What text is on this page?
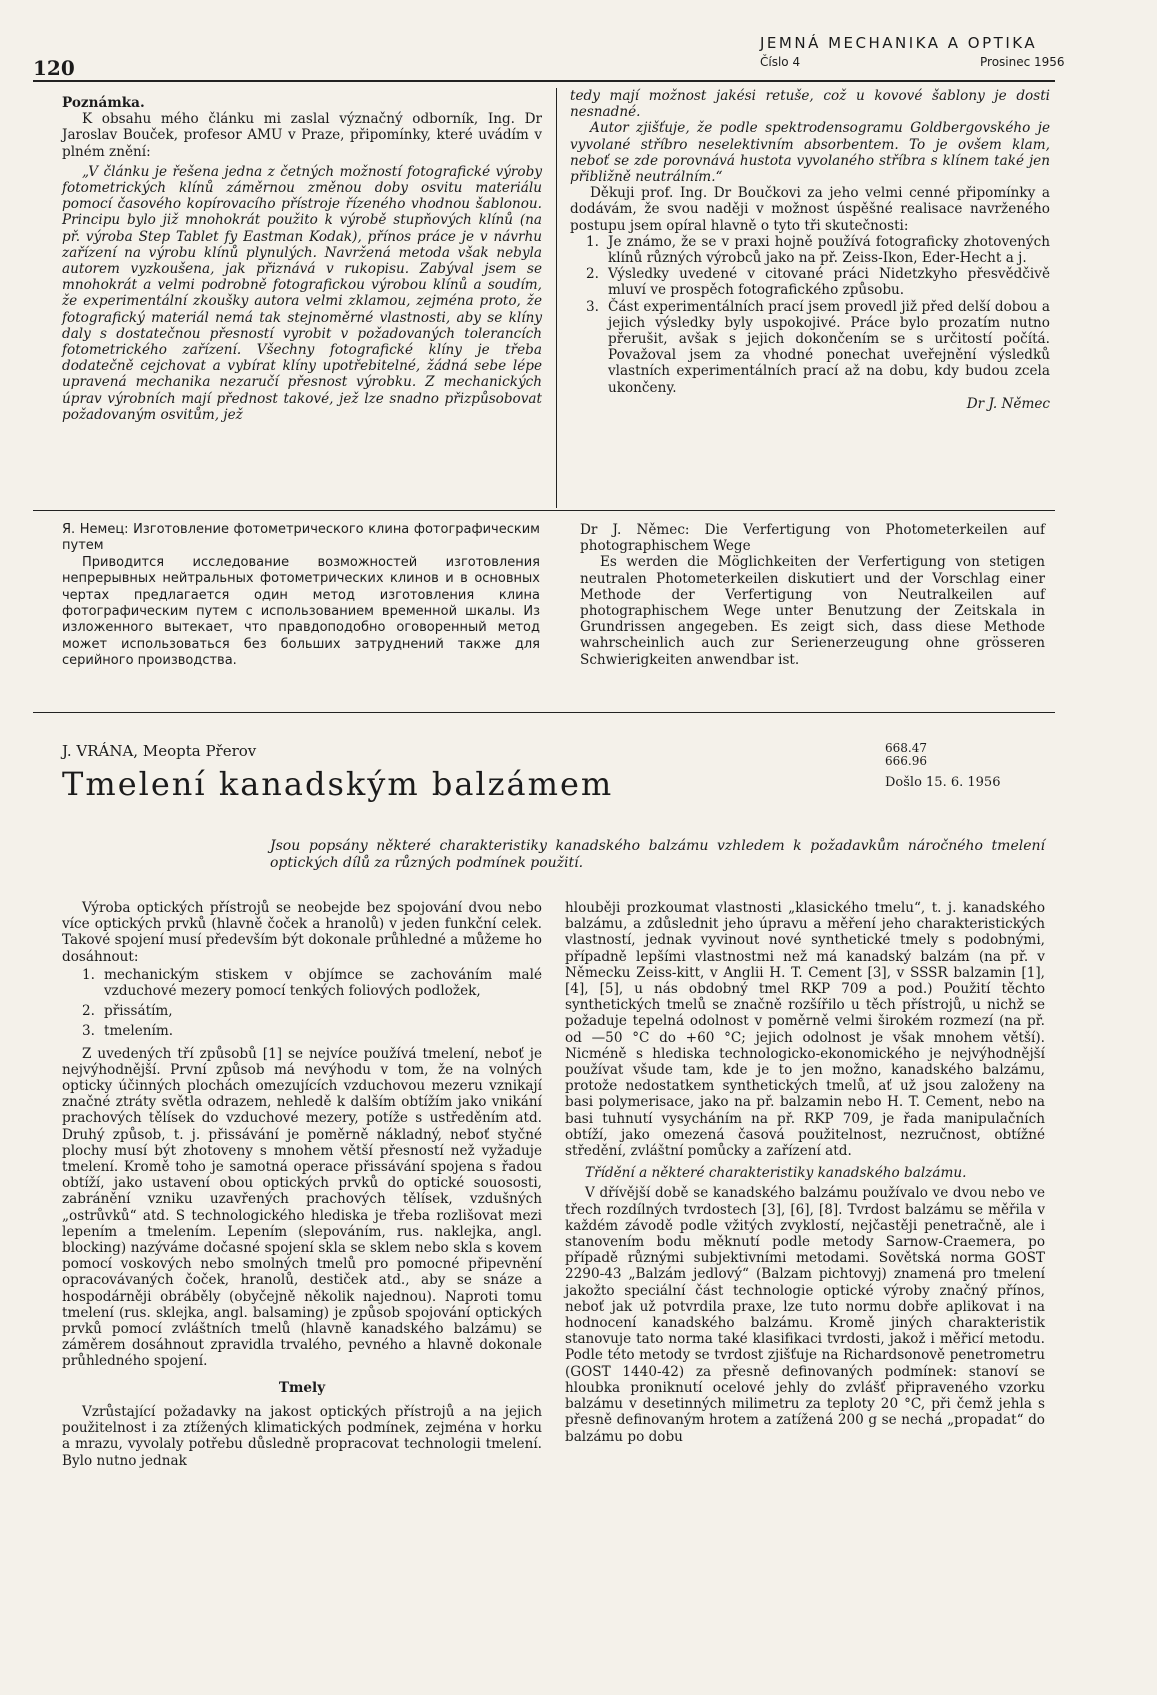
120
JEMNÁ MECHANIKA A OPTIKA
Číslo 4	Prosinec 1956

Poznámka.

K obsahu mého článku mi zaslal význačný odborník, Ing. Dr Jaroslav Bouček, profesor AMU v Praze, připomínky, které uvádím v plném znění:

„V článku je řešena jedna z četných možností fotografické výroby fotometrických klínů záměrnou změnou doby osvitu materiálu pomocí časového kopírovacího přístroje řízeného vhodnou šablonou. Principu bylo již mnohokrát použito k výrobě stupňových klínů (na př. výroba Step Tablet fy Eastman Kodak), přínos práce je v návrhu zařízení na výrobu klínů plynulých. Navržená metoda však nebyla autorem vyzkoušena, jak přiznává v rukopisu. Zabýval jsem se mnohokrát a velmi podrobně fotografickou výrobou klínů a soudím, že experimentální zkoušky autora velmi zklamou, zejména proto, že fotografický materiál nemá tak stejnoměrné vlastnosti, aby se klíny daly s dostatečnou přesností vyrobit v požadovaných tolerancích fotometrického zařízení. Všechny fotografické klíny je třeba dodatečně cejchovat a vybírat klíny upotřebitelné, žádná sebe lépe upravená mechanika nezaručí přesnost výrobku. Z mechanických úprav výrobních mají přednost takové, jež lze snadno přizpůsobovat požadovaným osvitům, jež

tedy mají možnost jakési retuše, což u kovové šablony je dosti nesnadné.

Autor zjišťuje, že podle spektrodensogramu Goldbergovského je vyvolané stříbro neselektivním absorbentem. To je ovšem klam, neboť se zde porovnává hustota vyvolaného stříbra s klínem také jen přibližně neutrálním.“

Děkuji prof. Ing. Dr Boučkovi za jeho velmi cenné připomínky a dodávám, že svou naději v možnost úspěšné realisace navrženého postupu jsem opíral hlavně o tyto tři skutečnosti:

1. Je známo, že se v praxi hojně používá fotograficky zhotovených klínů různých výrobců jako na př. Zeiss-Ikon, Eder-Hecht a j.
2. Výsledky uvedené v citované práci Nidetzkyho přesvědčivě mluví ve prospěch fotografického způsobu.
3. Část experimentálních prací jsem provedl již před delší dobou a jejich výsledky byly uspokojivé. Práce bylo prozatím nutno přerušit, avšak s jejich dokončením se s určitostí počítá. Považoval jsem za vhodné ponechat uveřejnění výsledků vlastních experimentálních prací až na dobu, kdy budou zcela ukončeny.

Dr J. Němec

Я. Немец: Изготовление фотометрического клина фотографическим путем

Приводится исследование возможностей изготовления непрерывных нейтральных фотометрических клинов и в основных чертах предлагается один метод изготовления клина фотографическим путем с использованием временной шкалы. Из изложенного вытекает, что правдоподобно оговоренный метод может использоваться без больших затруднений также для серийного производства.

Dr J. Němec: Die Verfertigung von Photometerkeilen auf photographischem Wege

Es werden die Möglichkeiten der Verfertigung von stetigen neutralen Photometerkeilen diskutiert und der Vorschlag einer Methode der Verfertigung von Neutralkeilen auf photographischem Wege unter Benutzung der Zeitskala in Grundrissen angegeben. Es zeigt sich, dass diese Methode wahrscheinlich auch zur Serienerzeugung ohne grösseren Schwierigkeiten anwendbar ist.

J. VRÁNA, Meopta Přerov
Tmelení kanadským balzámem
668.47
666.96
Došlo 15. 6. 1956
Jsou popsány některé charakteristiky kanadského balzámu vzhledem k požadavkům náročného tmelení optických dílů za různých podmínek použití.

Výroba optických přístrojů se neobejde bez spojování dvou nebo více optických prvků (hlavně čoček a hranolů) v jeden funkční celek. Takové spojení musí především být dokonale průhledné a můžeme ho dosáhnout:

1. mechanickým stiskem v objímce se zachováním malé vzduchové mezery pomocí tenkých foliových podložek,
2. přissátím,
3. tmelením.

Z uvedených tří způsobů [1] se nejvíce používá tmelení, neboť je nejvýhodnější. První způsob má nevýhodu v tom, že na volných opticky účinných plochách omezujících vzduchovou mezeru vznikají značné ztráty světla odrazem, nehledě k dalším obtížím jako vnikání prachových tělísek do vzduchové mezery, potíže s ustředěním atd. Druhý způsob, t. j. přissávání je poměrně nákladný, neboť styčné plochy musí být zhotoveny s mnohem větší přesností než vyžaduje tmelení. Kromě toho je samotná operace přissávání spojena s řadou obtíží, jako ustavení obou optických prvků do optické souososti, zabránění vzniku uzavřených prachových tělísek, vzdušných „ostrůvků“ atd. S technologického hlediska je třeba rozlišovat mezi lepením a tmelením. Lepením (slepováním, rus. naklejka, angl. blocking) nazýváme dočasné spojení skla se sklem nebo skla s kovem pomocí voskových nebo smolných tmelů pro pomocné připevnění opracovávaných čoček, hranolů, destiček atd., aby se snáze a hospodárněji obráběly (obyčejně několik najednou). Naproti tomu tmelení (rus. sklejka, angl. balsaming) je způsob spojování optických prvků pomocí zvláštních tmelů (hlavně kanadského balzámu) se záměrem dosáhnout zpravidla trvalého, pevného a hlavně dokonale průhledného spojení.

Tmely

Vzrůstající požadavky na jakost optických přístrojů a na jejich použitelnost i za ztížených klimatických podmínek, zejména v horku a mrazu, vyvolaly potřebu důsledně propracovat technologii tmelení. Bylo nutno jednak

hlouběji prozkoumat vlastnosti „klasického tmelu“, t. j. kanadského balzámu, a zdůslednit jeho úpravu a měření jeho charakteristických vlastností, jednak vyvinout nové synthetické tmely s podobnými, případně lepšími vlastnostmi než má kanadský balzám (na př. v Německu Zeiss-kitt, v Anglii H. T. Cement [3], v SSSR balzamin [1], [4], [5], u nás obdobný tmel RKP 709 a pod.) Použití těchto synthetických tmelů se značně rozšířilo u těch přístrojů, u nichž se požaduje tepelná odolnost v poměrně velmi širokém rozmezí (na př. od —50 °C do +60 °C; jejich odolnost je však mnohem větší). Nicméně s hlediska technologicko-ekonomického je nejvýhodnější používat všude tam, kde je to jen možno, kanadského balzámu, protože nedostatkem synthetických tmelů, ať už jsou založeny na basi polymerisace, jako na př. balzamin nebo H. T. Cement, nebo na basi tuhnutí vysycháním na př. RKP 709, je řada manipulačních obtíží, jako omezená časová použitelnost, nezručnost, obtížné středění, zvláštní pomůcky a zařízení atd.

Třídění a některé charakteristiky kanadského balzámu.

V dřívější době se kanadského balzámu používalo ve dvou nebo ve třech rozdílných tvrdostech [3], [6], [8]. Tvrdost balzámu se měřila v každém závodě podle vžitých zvyklostí, nejčastěji penetračně, ale i stanovením bodu měknutí podle metody Sarnow-Craemera, po případě různými subjektivními metodami. Sovětská norma GOST 2290-43 „Balzám jedlový“ (Balzam pichtovyj) znamená pro tmelení jakožto speciální část technologie optické výroby značný přínos, neboť jak už potvrdila praxe, lze tuto normu dobře aplikovat i na hodnocení kanadského balzámu. Kromě jiných charakteristik stanovuje tato norma také klasifikaci tvrdosti, jakož i měřicí metodu. Podle této metody se tvrdost zjišťuje na Richardsonově penetrometru (GOST 1440-42) za přesně definovaných podmínek: stanoví se hloubka proniknutí ocelové jehly do zvlášť připraveného vzorku balzámu v desetinných milimetru za teploty 20 °C, při čemž jehla s přesně definovaným hrotem a zatížená 200 g se nechá „propadat“ do balzámu po dobu
